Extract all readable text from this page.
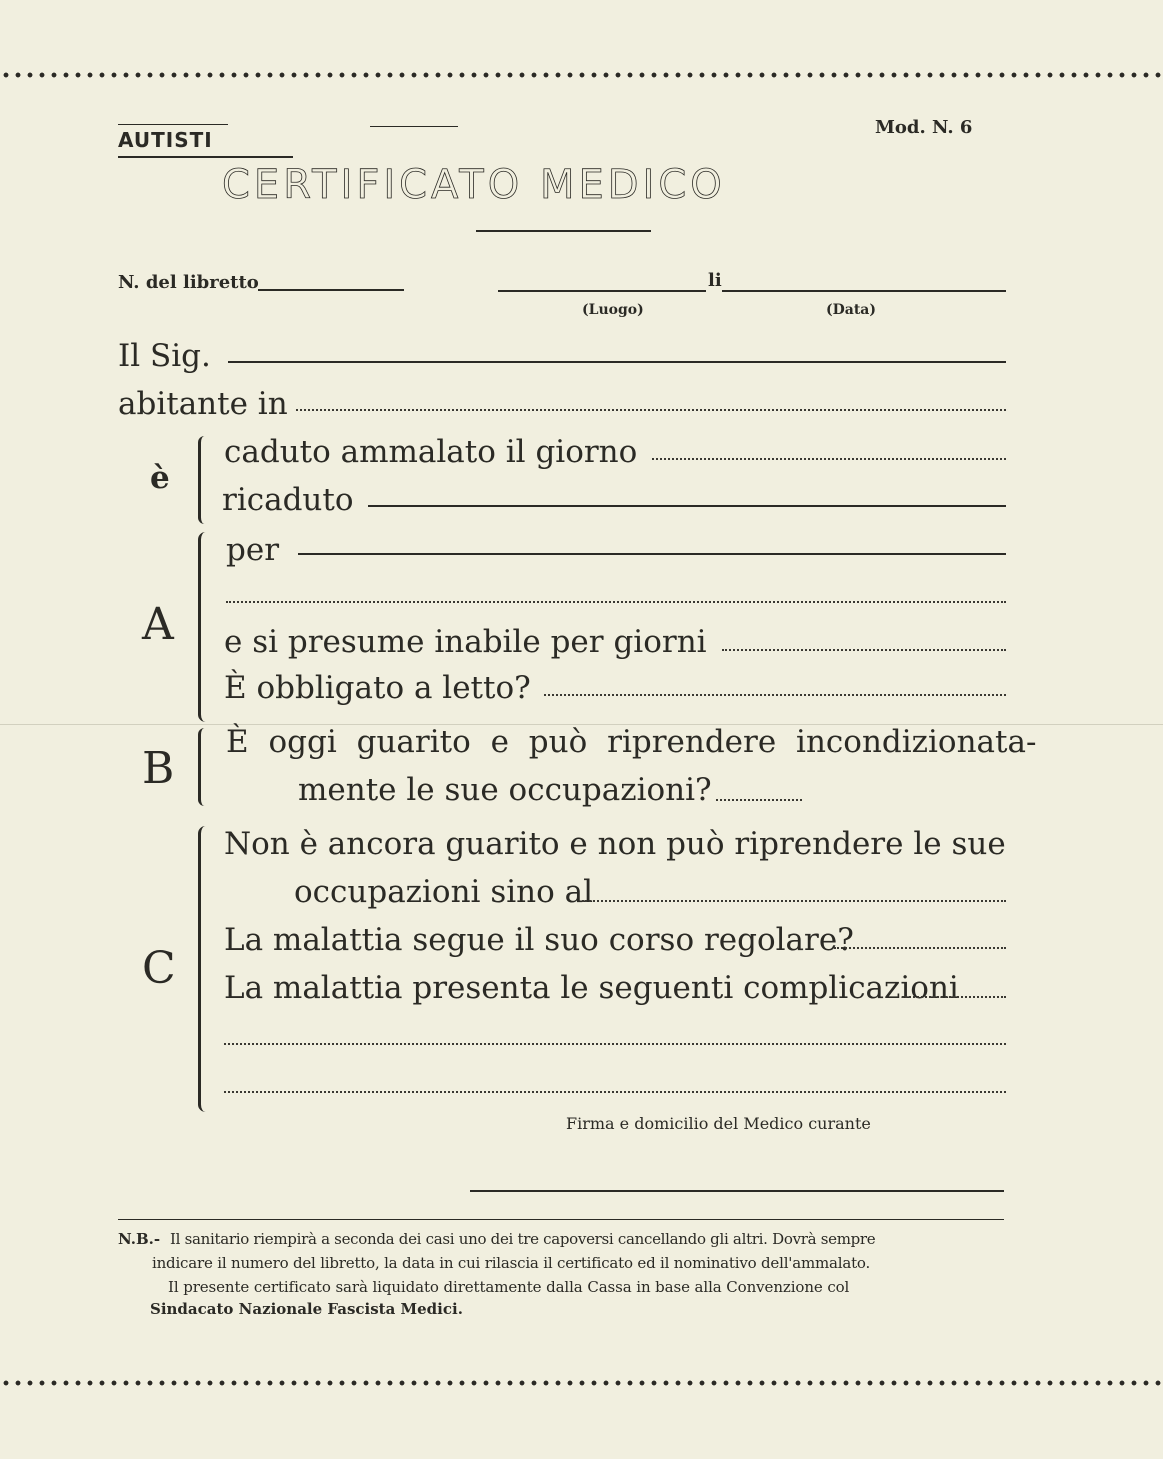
AUTISTI
Mod. N. 6
CERTIFICATO MEDICO
N. del libretto	li
(Luogo)	(Data)
Il Sig.
abitante in
è
caduto ammalato il giorno
ricaduto
A
per
e si presume inabile per giorni
È obbligato a letto?
B
È oggi guarito e può riprendere incondizionata-
mente le sue occupazioni?
C
Non è ancora guarito e non può riprendere le sue
occupazioni sino al
La malattia segue il suo corso regolare?
La malattia presenta le seguenti complicazioni
Firma e domicilio del Medico curante
N.B.- Il sanitario riempirà a seconda dei casi uno dei tre capoversi cancellando gli altri. Dovrà sempre
indicare il numero del libretto, la data in cui rilascia il certificato ed il nominativo dell'ammalato.
Il presente certificato sarà liquidato direttamente dalla Cassa in base alla Convenzione col
Sindacato Nazionale Fascista Medici.
